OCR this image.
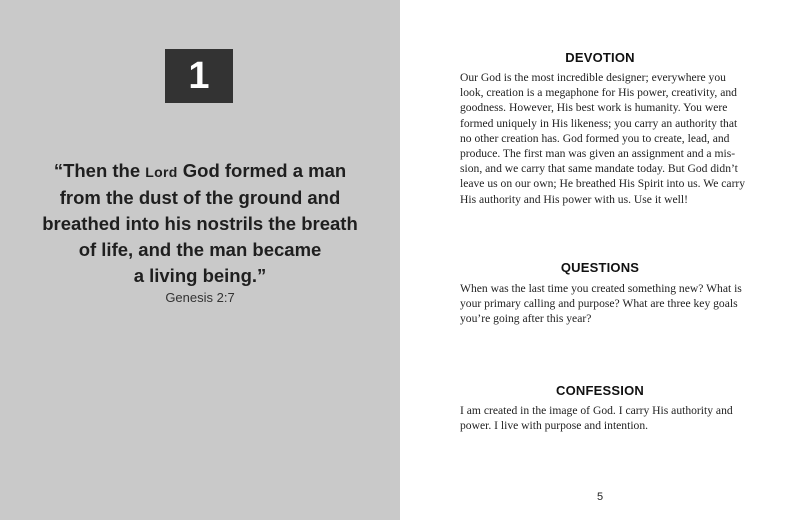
1
“Then the Lord God formed a man
from the dust of the ground and
breathed into his nostrils the breath
of life, and the man became
a living being.”
Genesis 2:7
DEVOTION
Our God is the most incredible designer; everywhere you
look, creation is a megaphone for His power, creativity, and
goodness. However, His best work is humanity. You were
formed uniquely in His likeness; you carry an authority that
no other creation has. God formed you to create, lead, and
produce. The first man was given an assignment and a mis-
sion, and we carry that same mandate today. But God didn’t
leave us on our own; He breathed His Spirit into us. We carry
His authority and His power with us. Use it well!
QUESTIONS
When was the last time you created something new? What is
your primary calling and purpose? What are three key goals
you’re going after this year?
CONFESSION
I am created in the image of God. I carry His authority and
power. I live with purpose and intention.
5
